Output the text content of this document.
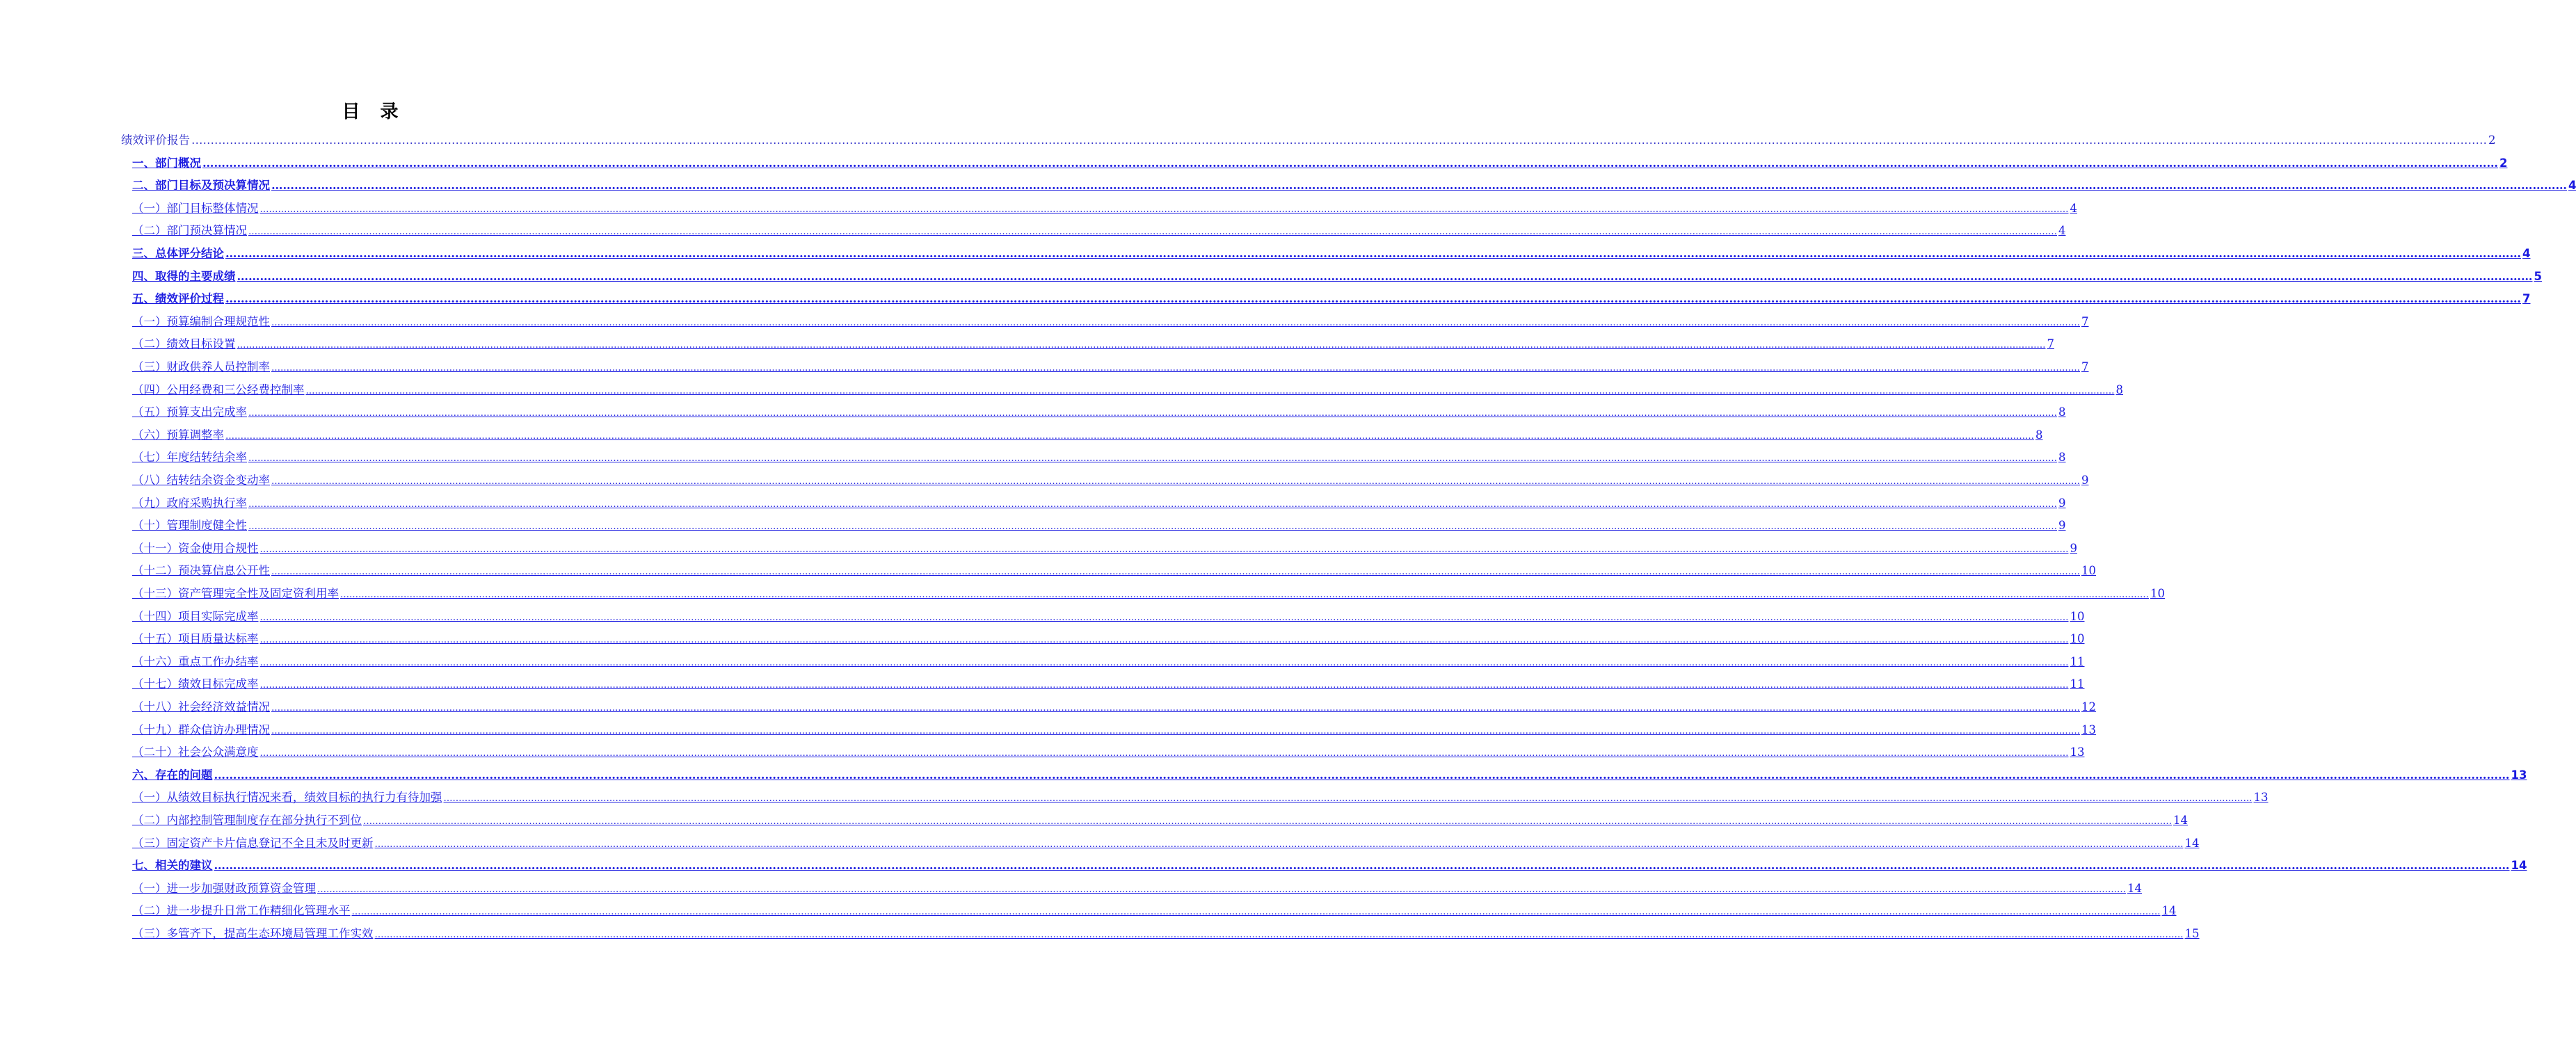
目 录
绩效评价报告 …………………………………………………………………………………………………………………………………………………………………………………………………………………………………………………………………………………………………………………………………………………………………………………………………………………………………………………………………………………………………………………………………………………… 2
一、部门概况 …………………………………………………………………………………………………………………………………………………………………………………………………………………………………………………………………………………………………………………………………………………………………………………………………………………………………………………………………………………………………………………………………………………… 2
二、部门目标及预决算情况 …………………………………………………………………………………………………………………………………………………………………………………………………………………………………………………………………………………………………………………………………………………………………………………………………………………………………………………………………………………………………………………………………………………… 4
（一）部门目标整体情况 …………………………………………………………………………………………………………………………………………………………………………………………………………………………………………………………………………………………………………………………………………………………………………………………………………………………………………………………………………………………………………………………………………………… 4
（二）部门预决算情况 …………………………………………………………………………………………………………………………………………………………………………………………………………………………………………………………………………………………………………………………………………………………………………………………………………………………………………………………………………………………………………………………………………………… 4
三、总体评分结论 …………………………………………………………………………………………………………………………………………………………………………………………………………………………………………………………………………………………………………………………………………………………………………………………………………………………………………………………………………………………………………………………………………………… 4
四、取得的主要成绩 …………………………………………………………………………………………………………………………………………………………………………………………………………………………………………………………………………………………………………………………………………………………………………………………………………………………………………………………………………………………………………………………………………………… 5
五、绩效评价过程 …………………………………………………………………………………………………………………………………………………………………………………………………………………………………………………………………………………………………………………………………………………………………………………………………………………………………………………………………………………………………………………………………………………… 7
（一）预算编制合理规范性 …………………………………………………………………………………………………………………………………………………………………………………………………………………………………………………………………………………………………………………………………………………………………………………………………………………………………………………………………………………………………………………………………………………… 7
（二）绩效目标设置 …………………………………………………………………………………………………………………………………………………………………………………………………………………………………………………………………………………………………………………………………………………………………………………………………………………………………………………………………………………………………………………………………………………… 7
（三）财政供养人员控制率 …………………………………………………………………………………………………………………………………………………………………………………………………………………………………………………………………………………………………………………………………………………………………………………………………………………………………………………………………………………………………………………………………………………… 7
（四）公用经费和三公经费控制率 …………………………………………………………………………………………………………………………………………………………………………………………………………………………………………………………………………………………………………………………………………………………………………………………………………………………………………………………………………………………………………………………………………………… 8
（五）预算支出完成率 …………………………………………………………………………………………………………………………………………………………………………………………………………………………………………………………………………………………………………………………………………………………………………………………………………………………………………………………………………………………………………………………………………………… 8
（六）预算调整率 …………………………………………………………………………………………………………………………………………………………………………………………………………………………………………………………………………………………………………………………………………………………………………………………………………………………………………………………………………………………………………………………………………………… 8
（七）年度结转结余率 …………………………………………………………………………………………………………………………………………………………………………………………………………………………………………………………………………………………………………………………………………………………………………………………………………………………………………………………………………………………………………………………………………………… 8
（八）结转结余资金变动率 …………………………………………………………………………………………………………………………………………………………………………………………………………………………………………………………………………………………………………………………………………………………………………………………………………………………………………………………………………………………………………………………………………………… 9
（九）政府采购执行率 …………………………………………………………………………………………………………………………………………………………………………………………………………………………………………………………………………………………………………………………………………………………………………………………………………………………………………………………………………………………………………………………………………………… 9
（十）管理制度健全性 …………………………………………………………………………………………………………………………………………………………………………………………………………………………………………………………………………………………………………………………………………………………………………………………………………………………………………………………………………………………………………………………………………………… 9
（十一）资金使用合规性 …………………………………………………………………………………………………………………………………………………………………………………………………………………………………………………………………………………………………………………………………………………………………………………………………………………………………………………………………………………………………………………………………………………… 9
（十二）预决算信息公开性 …………………………………………………………………………………………………………………………………………………………………………………………………………………………………………………………………………………………………………………………………………………………………………………………………………………………………………………………………………………………………………………………………………………… 10
（十三）资产管理完全性及固定资利用率 …………………………………………………………………………………………………………………………………………………………………………………………………………………………………………………………………………………………………………………………………………………………………………………………………………………………………………………………………………………………………………………………………………………… 10
（十四）项目实际完成率 …………………………………………………………………………………………………………………………………………………………………………………………………………………………………………………………………………………………………………………………………………………………………………………………………………………………………………………………………………………………………………………………………………………… 10
（十五）项目质量达标率 …………………………………………………………………………………………………………………………………………………………………………………………………………………………………………………………………………………………………………………………………………………………………………………………………………………………………………………………………………………………………………………………………………………… 10
（十六）重点工作办结率 …………………………………………………………………………………………………………………………………………………………………………………………………………………………………………………………………………………………………………………………………………………………………………………………………………………………………………………………………………………………………………………………………………………… 11
（十七）绩效目标完成率 …………………………………………………………………………………………………………………………………………………………………………………………………………………………………………………………………………………………………………………………………………………………………………………………………………………………………………………………………………………………………………………………………………………… 11
（十八）社会经济效益情况 …………………………………………………………………………………………………………………………………………………………………………………………………………………………………………………………………………………………………………………………………………………………………………………………………………………………………………………………………………………………………………………………………………………… 12
（十九）群众信访办理情况 …………………………………………………………………………………………………………………………………………………………………………………………………………………………………………………………………………………………………………………………………………………………………………………………………………………………………………………………………………………………………………………………………………………… 13
（二十）社会公众满意度 …………………………………………………………………………………………………………………………………………………………………………………………………………………………………………………………………………………………………………………………………………………………………………………………………………………………………………………………………………………………………………………………………………………… 13
六、存在的问题 …………………………………………………………………………………………………………………………………………………………………………………………………………………………………………………………………………………………………………………………………………………………………………………………………………………………………………………………………………………………………………………………………………………… 13
（一）从绩效目标执行情况来看，绩效目标的执行力有待加强 …………………………………………………………………………………………………………………………………………………………………………………………………………………………………………………………………………………………………………………………………………………………………………………………………………………………………………………………………………………………………………………………………………………… 13
（二）内部控制管理制度存在部分执行不到位 …………………………………………………………………………………………………………………………………………………………………………………………………………………………………………………………………………………………………………………………………………………………………………………………………………………………………………………………………………………………………………………………………………………… 14
（三）固定资产卡片信息登记不全且未及时更新 …………………………………………………………………………………………………………………………………………………………………………………………………………………………………………………………………………………………………………………………………………………………………………………………………………………………………………………………………………………………………………………………………………………… 14
七、相关的建议 …………………………………………………………………………………………………………………………………………………………………………………………………………………………………………………………………………………………………………………………………………………………………………………………………………………………………………………………………………………………………………………………………………………… 14
（一）进一步加强财政预算资金管理 …………………………………………………………………………………………………………………………………………………………………………………………………………………………………………………………………………………………………………………………………………………………………………………………………………………………………………………………………………………………………………………………………………………… 14
（二）进一步提升日常工作精细化管理水平 …………………………………………………………………………………………………………………………………………………………………………………………………………………………………………………………………………………………………………………………………………………………………………………………………………………………………………………………………………………………………………………………………………………… 14
（三）多管齐下，提高生态环境局管理工作实效 …………………………………………………………………………………………………………………………………………………………………………………………………………………………………………………………………………………………………………………………………………………………………………………………………………………………………………………………………………………………………………………………………………………… 15
